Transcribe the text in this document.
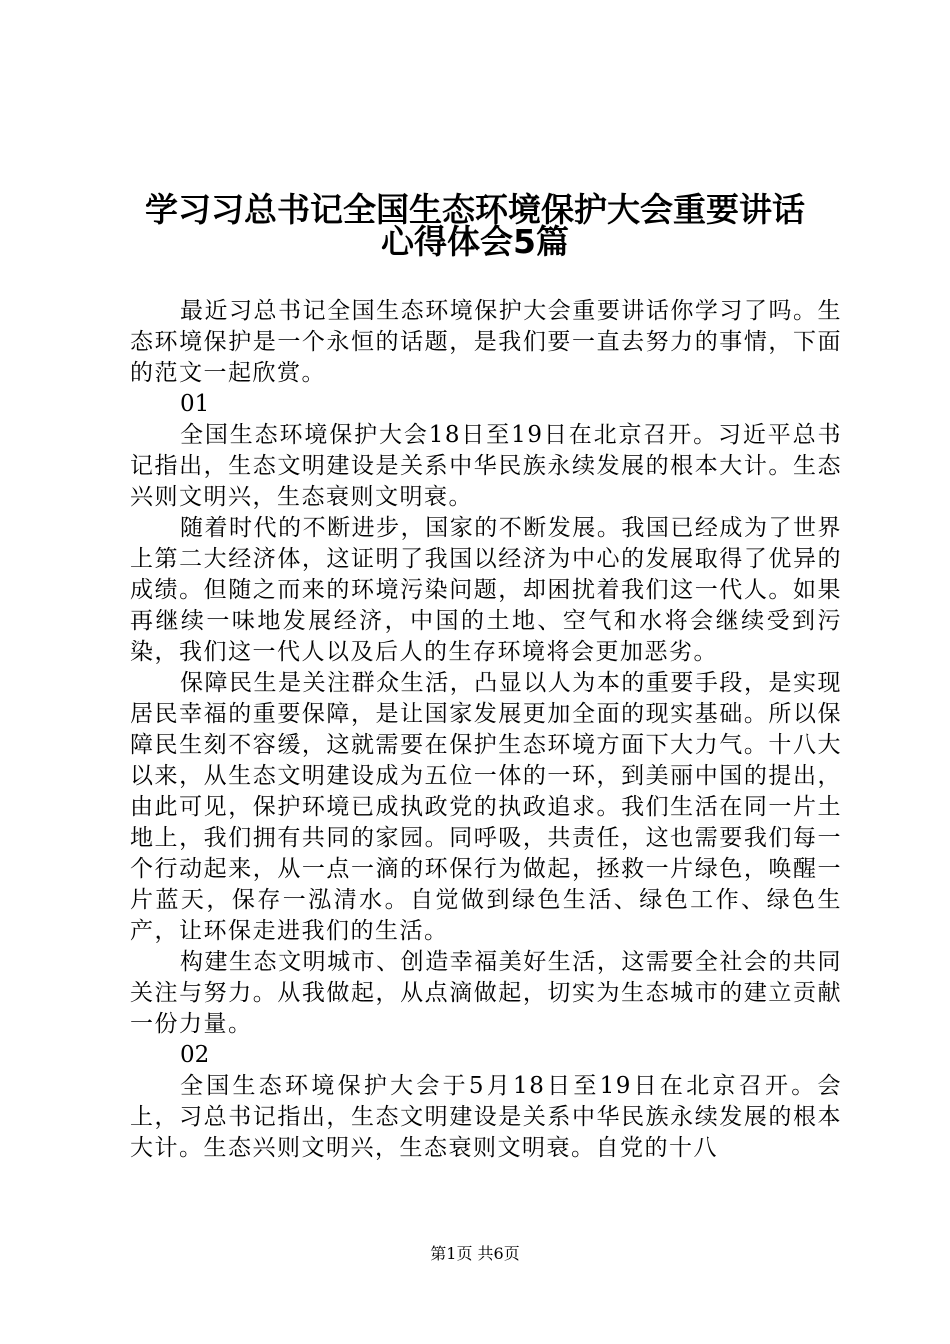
学习习总书记全国生态环境保护大会重要讲话
心得体会5篇

最近习总书记全国生态环境保护大会重要讲话你学习了吗。生态环境保护是一个永恒的话题，是我们要一直去努力的事情，下面的范文一起欣赏。

01

全国生态环境保护大会18日至19日在北京召开。习近平总书记指出，生态文明建设是关系中华民族永续发展的根本大计。生态兴则文明兴，生态衰则文明衰。

随着时代的不断进步，国家的不断发展。我国已经成为了世界上第二大经济体，这证明了我国以经济为中心的发展取得了优异的成绩。但随之而来的环境污染问题，却困扰着我们这一代人。如果再继续一味地发展经济，中国的土地、空气和水将会继续受到污染，我们这一代人以及后人的生存环境将会更加恶劣。

保障民生是关注群众生活，凸显以人为本的重要手段，是实现居民幸福的重要保障，是让国家发展更加全面的现实基础。所以保障民生刻不容缓，这就需要在保护生态环境方面下大力气。十八大以来，从生态文明建设成为五位一体的一环，到美丽中国的提出，由此可见，保护环境已成执政党的执政追求。我们生活在同一片土地上，我们拥有共同的家园。同呼吸，共责任，这也需要我们每一个行动起来，从一点一滴的环保行为做起，拯救一片绿色，唤醒一片蓝天，保存一泓清水。自觉做到绿色生活、绿色工作、绿色生产，让环保走进我们的生活。

构建生态文明城市、创造幸福美好生活，这需要全社会的共同关注与努力。从我做起，从点滴做起，切实为生态城市的建立贡献一份力量。

02

全国生态环境保护大会于5月18日至19日在北京召开。会上，习总书记指出，生态文明建设是关系中华民族永续发展的根本大计。生态兴则文明兴，生态衰则文明衰。自党的十八

第1页 共6页
